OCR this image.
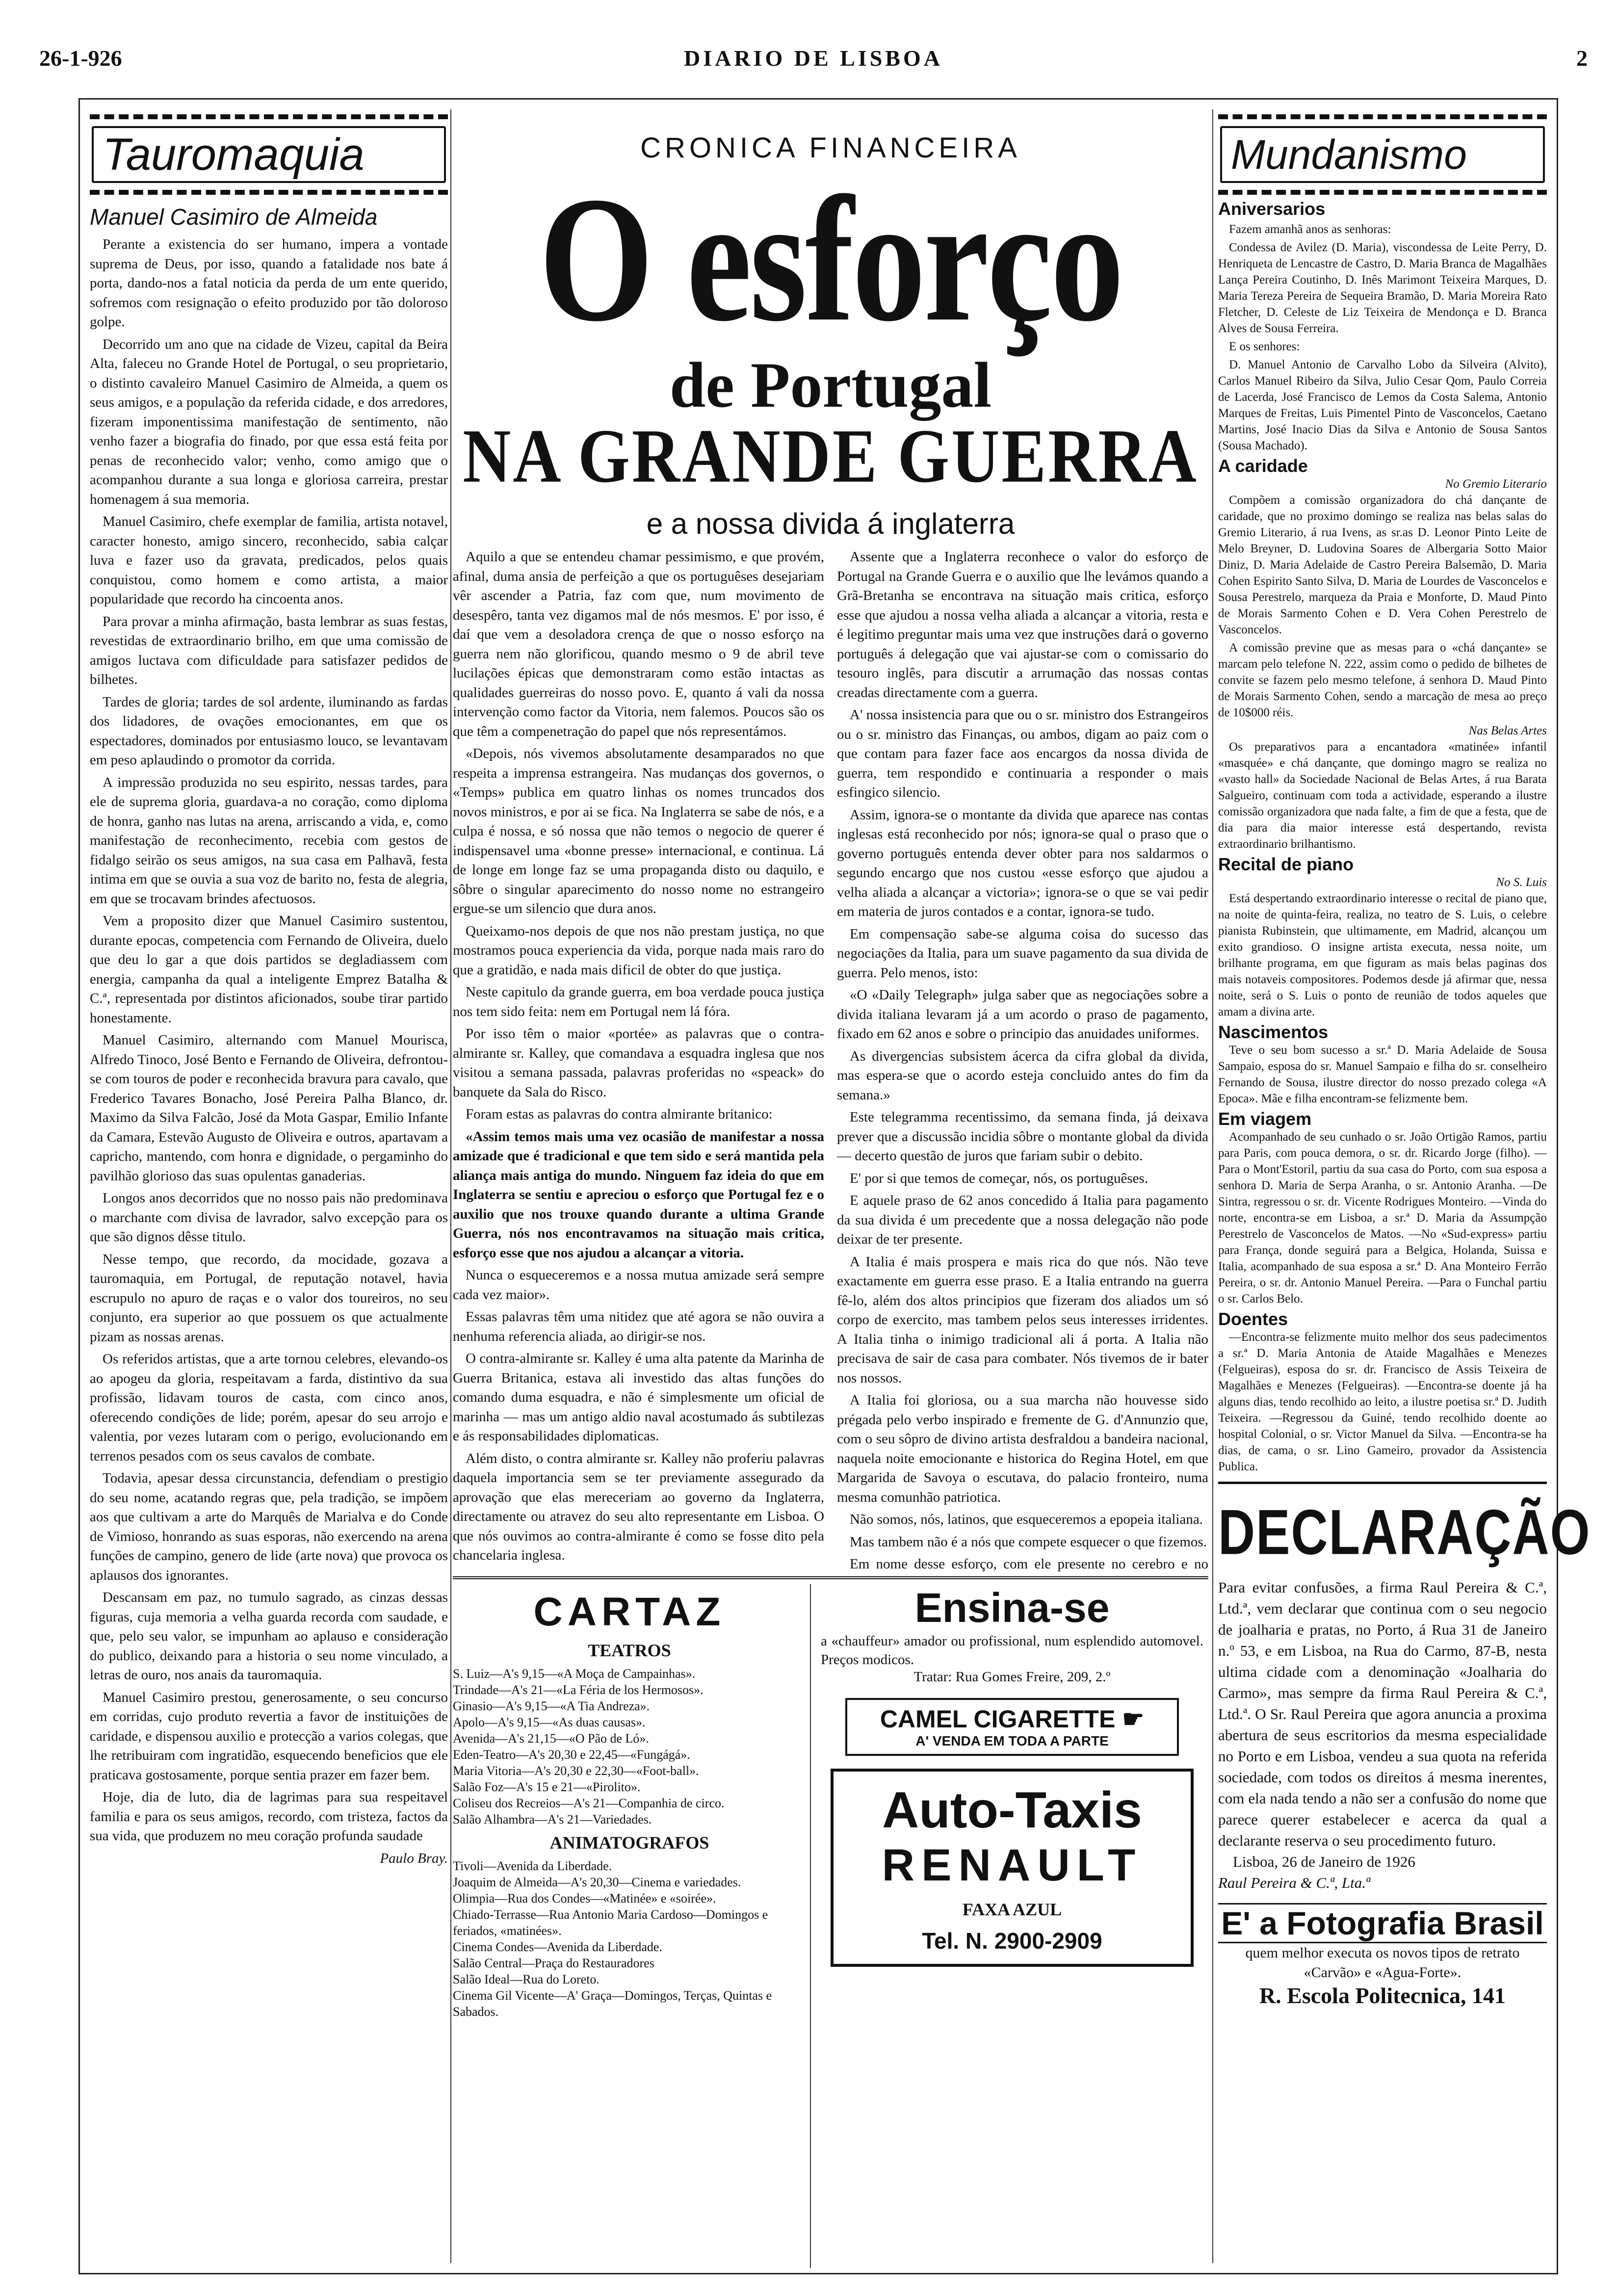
26-1-926	DIARIO DE LISBOA	2
Tauromaquia
Manuel Casimiro de Almeida

Perante a existencia do ser humano, impera a vontade suprema de Deus, por isso, quando a fatalidade nos bate á porta, dando-nos a fatal noticia da perda de um ente querido, sofremos com resignação o efeito produzido por tão doloroso golpe.

Decorrido um ano que na cidade de Vizeu, capital da Beira Alta, faleceu no Grande Hotel de Portugal, o seu proprietario, o distinto cavaleiro Manuel Casimiro de Almeida, a quem os seus amigos, e a população da referida cidade, e dos arredores, fizeram imponentissima manifestação de sentimento, não venho fazer a biografia do finado, por que essa está feita por penas de reconhecido valor; venho, como amigo que o acompanhou durante a sua longa e gloriosa carreira, prestar homenagem á sua memoria.

Manuel Casimiro, chefe exemplar de familia, artista notavel, caracter honesto, amigo sincero, reconhecido, sabia calçar luva e fazer uso da gravata, predicados, pelos quais conquistou, como homem e como artista, a maior popularidade que recordo ha cincoenta anos.

Para provar a minha afirmação, basta lembrar as suas festas, revestidas de extraordinario brilho, em que uma comissão de amigos luctava com dificuldade para satisfazer pedidos de bilhetes.

Tardes de gloria; tardes de sol ardente, iluminando as fardas dos lidadores, de ovações emocionantes, em que os espectadores, dominados por entusiasmo louco, se levantavam em peso aplaudindo o promotor da corrida.

A impressão produzida no seu espirito, nessas tardes, para ele de suprema gloria, guardava-a no coração, como diploma de honra, ganho nas lutas na arena, arriscando a vida, e, como manifestação de reconhecimento, recebia com gestos de fidalgo seirão os seus amigos, na sua casa em Palhavã, festa intima em que se ouvia a sua voz de barito no, festa de alegria, em que se trocavam brindes afectuosos.

Vem a proposito dizer que Manuel Casimiro sustentou, durante epocas, competencia com Fernando de Oliveira, duelo que deu lo gar a que dois partidos se degladiassem com energia, campanha da qual a inteligente Emprez Batalha & C.ª, representada por distintos aficionados, soube tirar partido honestamente.

Manuel Casimiro, alternando com Manuel Mourisca, Alfredo Tinoco, José Bento e Fernando de Oliveira, defrontou-se com touros de poder e reconhecida bravura para cavalo, que Frederico Tavares Bonacho, José Pereira Palha Blanco, dr. Maximo da Silva Falcão, José da Mota Gaspar, Emilio Infante da Camara, Estevão Augusto de Oliveira e outros, apartavam a capricho, mantendo, com honra e dignidade, o pergaminho do pavilhão glorioso das suas opulentas ganaderias.

Longos anos decorridos que no nosso pais não predominava o marchante com divisa de lavrador, salvo excepção para os que são dignos dêsse titulo.

Nesse tempo, que recordo, da mocidade, gozava a tauromaquia, em Portugal, de reputação notavel, havia escrupulo no apuro de raças e o valor dos toureiros, no seu conjunto, era superior ao que possuem os que actualmente pizam as nossas arenas.

Os referidos artistas, que a arte tornou celebres, elevando-os ao apogeu da gloria, respeitavam a farda, distintivo da sua profissão, lidavam touros de casta, com cinco anos, oferecendo condições de lide; porém, apesar do seu arrojo e valentia, por vezes lutaram com o perigo, evolucionando em terrenos pesados com os seus cavalos de combate.

Todavia, apesar dessa circunstancia, defendiam o prestigio do seu nome, acatando regras que, pela tradição, se impõem aos que cultivam a arte do Marquês de Marialva e do Conde de Vimioso, honrando as suas esporas, não exercendo na arena funções de campino, genero de lide (arte nova) que provoca os aplausos dos ignorantes.

Descansam em paz, no tumulo sagrado, as cinzas dessas figuras, cuja memoria a velha guarda recorda com saudade, e que, pelo seu valor, se impunham ao aplauso e consideração do publico, deixando para a historia o seu nome vinculado, a letras de ouro, nos anais da tauromaquia.

Manuel Casimiro prestou, generosamente, o seu concurso em corridas, cujo produto revertia a favor de instituições de caridade, e dispensou auxilio e protecção a varios colegas, que lhe retribuiram com ingratidão, esquecendo beneficios que ele praticava gostosamente, porque sentia prazer em fazer bem.

Hoje, dia de luto, dia de lagrimas para sua respeitavel familia e para os seus amigos, recordo, com tristeza, factos da sua vida, que produzem no meu coração profunda saudade

Paulo Bray.
CRONICA FINANCEIRA
O esforço
de Portugal
NA GRANDE GUERRA
e a nossa divida á inglaterra

Aquilo a que se entendeu chamar pessimismo, e que provém, afinal, duma ansia de perfeição a que os portuguêses desejariam vêr ascender a Patria, faz com que, num movimento de desespêro, tanta vez digamos mal de nós mesmos. E' por isso, é daí que vem a desoladora crença de que o nosso esforço na guerra nem não glorificou, quando mesmo o 9 de abril teve lucilações épicas que demonstraram como estão intactas as qualidades guerreiras do nosso povo. E, quanto á vali da nossa intervenção como factor da Vitoria, nem falemos. Poucos são os que têm a compenetração do papel que nós representámos.

«Depois, nós vivemos absolutamente desamparados no que respeita a imprensa estrangeira. Nas mudanças dos governos, o «Temps» publica em quatro linhas os nomes truncados dos novos ministros, e por ai se fica. Na Inglaterra se sabe de nós, e a culpa é nossa, e só nossa que não temos o negocio de querer é indispensavel uma «bonne presse» internacional, e continua. Lá de longe em longe faz se uma propaganda disto ou daquilo, e sôbre o singular aparecimento do nosso nome no estrangeiro ergue-se um silencio que dura anos.

Queixamo-nos depois de que nos não prestam justiça, no que mostramos pouca experiencia da vida, porque nada mais raro do que a gratidão, e nada mais dificil de obter do que justiça.

Neste capitulo da grande guerra, em boa verdade pouca justiça nos tem sido feita: nem em Portugal nem lá fóra.

Por isso têm o maior «portée» as palavras que o contra-almirante sr. Kalley, que comandava a esquadra inglesa que nos visitou a semana passada, palavras proferidas no «speack» do banquete da Sala do Risco.

Foram estas as palavras do contra almirante britanico:

«Assim temos mais uma vez ocasião de manifestar a nossa amizade que é tradicional e que tem sido e será mantida pela aliança mais antiga do mundo. Ninguem faz ideia do que em Inglaterra se sentiu e apreciou o esforço que Portugal fez e o auxilio que nos trouxe quando durante a ultima Grande Guerra, nós nos encontravamos na situação mais critica, esforço esse que nos ajudou a alcançar a vitoria.

Nunca o esqueceremos e a nossa mutua amizade será sempre cada vez maior».

Essas palavras têm uma nitidez que até agora se não ouvira a nenhuma referencia aliada, ao dirigir-se nos.

O contra-almirante sr. Kalley é uma alta patente da Marinha de Guerra Britanica, estava ali investido das altas funções do comando duma esquadra, e não é simplesmente um oficial de marinha — mas um antigo aldio naval acostumado ás subtilezas e ás responsabilidades diplomaticas.

Além disto, o contra almirante sr. Kalley não proferiu palavras daquela importancia sem se ter previamente assegurado da aprovação que elas mereceriam ao governo da Inglaterra, directamente ou atravez do seu alto representante em Lisboa. O que nós ouvimos ao contra-almirante é como se fosse dito pela chancelaria inglesa.

Assente que a Inglaterra reconhece o valor do esforço de Portugal na Grande Guerra e o auxilio que lhe levámos quando a Grã-Bretanha se encontrava na situação mais critica, esforço esse que ajudou a nossa velha aliada a alcançar a vitoria, resta e é legitimo preguntar mais uma vez que instruções dará o governo português á delegação que vai ajustar-se com o comissario do tesouro inglês, para discutir a arrumação das nossas contas creadas directamente com a guerra.

A' nossa insistencia para que ou o sr. ministro dos Estrangeiros ou o sr. ministro das Finanças, ou ambos, digam ao paiz com o que contam para fazer face aos encargos da nossa divida de guerra, tem respondido e continuaria a responder o mais esfingico silencio.

Assim, ignora-se o montante da divida que aparece nas contas inglesas está reconhecido por nós; ignora-se qual o praso que o governo português entenda dever obter para nos saldarmos o segundo encargo que nos custou «esse esforço que ajudou a velha aliada a alcançar a victoria»; ignora-se o que se vai pedir em materia de juros contados e a contar, ignora-se tudo.

Em compensação sabe-se alguma coisa do sucesso das negociações da Italia, para um suave pagamento da sua divida de guerra. Pelo menos, isto:

«O «Daily Telegraph» julga saber que as negociações sobre a divida italiana levaram já a um acordo o praso de pagamento, fixado em 62 anos e sobre o principio das anuidades uniformes.

As divergencias subsistem ácerca da cifra global da divida, mas espera-se que o acordo esteja concluido antes do fim da semana.»

Este telegramma recentissimo, da semana finda, já deixava prever que a discussão incidia sôbre o montante global da divida — decerto questão de juros que fariam subir o debito.

E' por si que temos de começar, nós, os portuguêses.

E aquele praso de 62 anos concedido á Italia para pagamento da sua divida é um precedente que a nossa delegação não pode deixar de ter presente.

A Italia é mais prospera e mais rica do que nós. Não teve exactamente em guerra esse praso. E a Italia entrando na guerra fê-lo, além dos altos principios que fizeram dos aliados um só corpo de exercito, mas tambem pelos seus interesses irridentes. A Italia tinha o inimigo tradicional ali á porta. A Italia não precisava de sair de casa para combater. Nós tivemos de ir bater nos nossos.

A Italia foi gloriosa, ou a sua marcha não houvesse sido prégada pelo verbo inspirado e fremente de G. d'Annunzio que, com o seu sôpro de divino artista desfraldou a bandeira nacional, naquela noite emocionante e historica do Regina Hotel, em que Margarida de Savoya o escutava, do palacio fronteiro, numa mesma comunhão patriotica.

Não somos, nós, latinos, que esqueceremos a epopeia italiana.

Mas tambem não é a nós que compete esquecer o que fizemos.

Em nome desse esforço, com ele presente no cerebro e no

CARTAZ
TEATROS
S. Luiz—A's 9,15—«A Moça de Campainhas».
Trindade—A's 21—«La Féria de los Hermosos».
Ginasio—A's 9,15—«A Tia Andreza».
Apolo—A's 9,15—«As duas causas».
Avenida—A's 21,15—«O Pão de Ló».
Eden-Teatro—A's 20,30 e 22,45—«Fungágá».
Maria Vitoria—A's 20,30 e 22,30—«Foot-ball».
Salão Foz—A's 15 e 21—«Pirolito».
Coliseu dos Recreios—A's 21—Companhia de circo.
Salão Alhambra—A's 21—Variedades.
ANIMATOGRAFOS
Tivoli—Avenida da Liberdade.
Joaquim de Almeida—A's 20,30—Cinema e variedades.
Olimpia—Rua dos Condes—«Matinée» e «soirée».
Chiado-Terrasse—Rua Antonio Maria Cardoso—Domingos e feriados, «matinées».
Cinema Condes—Avenida da Liberdade.
Salão Central—Praça do Restauradores
Salão Ideal—Rua do Loreto.
Cinema Gil Vicente—A' Graça—Domingos, Terças, Quintas e Sabados.
Ensina-se
a «chauffeur» amador ou profissional, num esplendido automovel. Preços modicos.
Tratar: Rua Gomes Freire, 209, 2.º
CAMEL CIGARETTE ☛
A' VENDA EM TODA A PARTE
Auto-Taxis
RENAULT
FAXA AZUL
Tel. N. 2900-2909
Mundanismo
Aniversarios

Fazem amanhã anos as senhoras:

Condessa de Avilez (D. Maria), viscondessa de Leite Perry, D. Henriqueta de Lencastre de Castro, D. Maria Branca de Magalhães Lança Pereira Coutinho, D. Inês Marimont Teixeira Marques, D. Maria Tereza Pereira de Sequeira Bramão, D. Maria Moreira Rato Fletcher, D. Celeste de Liz Teixeira de Mendonça e D. Branca Alves de Sousa Ferreira.

E os senhores:

D. Manuel Antonio de Carvalho Lobo da Silveira (Alvito), Carlos Manuel Ribeiro da Silva, Julio Cesar Qom, Paulo Correia de Lacerda, José Francisco de Lemos da Costa Salema, Antonio Marques de Freitas, Luis Pimentel Pinto de Vasconcelos, Caetano Martins, José Inacio Dias da Silva e Antonio de Sousa Santos (Sousa Machado).

A caridade
No Gremio Literario

Compõem a comissão organizadora do chá dançante de caridade, que no proximo domingo se realiza nas belas salas do Gremio Literario, á rua Ivens, as sr.as D. Leonor Pinto Leite de Melo Breyner, D. Ludovina Soares de Albergaria Sotto Maior Diniz, D. Maria Adelaide de Castro Pereira Balsemão, D. Maria Cohen Espirito Santo Silva, D. Maria de Lourdes de Vasconcelos e Sousa Perestrelo, marqueza da Praia e Monforte, D. Maud Pinto de Morais Sarmento Cohen e D. Vera Cohen Perestrelo de Vasconcelos.

A comissão previne que as mesas para o «chá dançante» se marcam pelo telefone N. 222, assim como o pedido de bilhetes de convite se fazem pelo mesmo telefone, á senhora D. Maud Pinto de Morais Sarmento Cohen, sendo a marcação de mesa ao preço de 10$000 réis.

Nas Belas Artes

Os preparativos para a encantadora «matinée» infantil «masquée» e chá dançante, que domingo magro se realiza no «vasto hall» da Sociedade Nacional de Belas Artes, á rua Barata Salgueiro, continuam com toda a actividade, esperando a ilustre comissão organizadora que nada falte, a fim de que a festa, que de dia para dia maior interesse está despertando, revista extraordinario brilhantismo.

Recital de piano
No S. Luis

Está despertando extraordinario interesse o recital de piano que, na noite de quinta-feira, realiza, no teatro de S. Luis, o celebre pianista Rubinstein, que ultimamente, em Madrid, alcançou um exito grandioso. O insigne artista executa, nessa noite, um brilhante programa, em que figuram as mais belas paginas dos mais notaveis compositores. Podemos desde já afirmar que, nessa noite, será o S. Luis o ponto de reunião de todos aqueles que amam a divina arte.

Nascimentos

Teve o seu bom sucesso a sr.ª D. Maria Adelaide de Sousa Sampaio, esposa do sr. Manuel Sampaio e filha do sr. conselheiro Fernando de Sousa, ilustre director do nosso prezado colega «A Epoca». Mãe e filha encontram-se felizmente bem.

Em viagem

Acompanhado de seu cunhado o sr. João Ortigão Ramos, partiu para Paris, com pouca demora, o sr. dr. Ricardo Jorge (filho). —Para o Mont'Estoril, partiu da sua casa do Porto, com sua esposa a senhora D. Maria de Serpa Aranha, o sr. Antonio Aranha. —De Sintra, regressou o sr. dr. Vicente Rodrigues Monteiro. —Vinda do norte, encontra-se em Lisboa, a sr.ª D. Maria da Assumpção Perestrelo de Vasconcelos de Matos. —No «Sud-express» partiu para França, donde seguirá para a Belgica, Holanda, Suissa e Italia, acompanhado de sua esposa a sr.ª D. Ana Monteiro Ferrão Pereira, o sr. dr. Antonio Manuel Pereira. —Para o Funchal partiu o sr. Carlos Belo.

Doentes

—Encontra-se felizmente muito melhor dos seus padecimentos a sr.ª D. Maria Antonia de Ataide Magalhães e Menezes (Felgueiras), esposa do sr. dr. Francisco de Assis Teixeira de Magalhães e Menezes (Felgueiras). —Encontra-se doente já ha alguns dias, tendo recolhido ao leito, a ilustre poetisa sr.ª D. Judith Teixeira. —Regressou da Guiné, tendo recolhido doente ao hospital Colonial, o sr. Victor Manuel da Silva. —Encontra-se ha dias, de cama, o sr. Lino Gameiro, provador da Assistencia Publica.

DECLARAÇÃO
Para evitar confusões, a firma Raul Pereira & C.ª, Ltd.ª, vem declarar que continua com o seu negocio de joalharia e pratas, no Porto, á Rua 31 de Janeiro n.º 53, e em Lisboa, na Rua do Carmo, 87-B, nesta ultima cidade com a denominação «Joalharia do Carmo», mas sempre da firma Raul Pereira & C.ª, Ltd.ª. O Sr. Raul Pereira que agora anuncia a proxima abertura de seus escritorios da mesma especialidade no Porto e em Lisboa, vendeu a sua quota na referida sociedade, com todos os direitos á mesma inerentes, com ela nada tendo a não ser a confusão do nome que parece querer estabelecer e acerca da qual a declarante reserva o seu procedimento futuro.
Lisboa, 26 de Janeiro de 1926
Raul Pereira & C.ª, Lta.ª
E' a Fotografia Brasil
quem melhor executa os novos tipos de retrato «Carvão» e «Agua-Forte».
R. Escola Politecnica, 141
